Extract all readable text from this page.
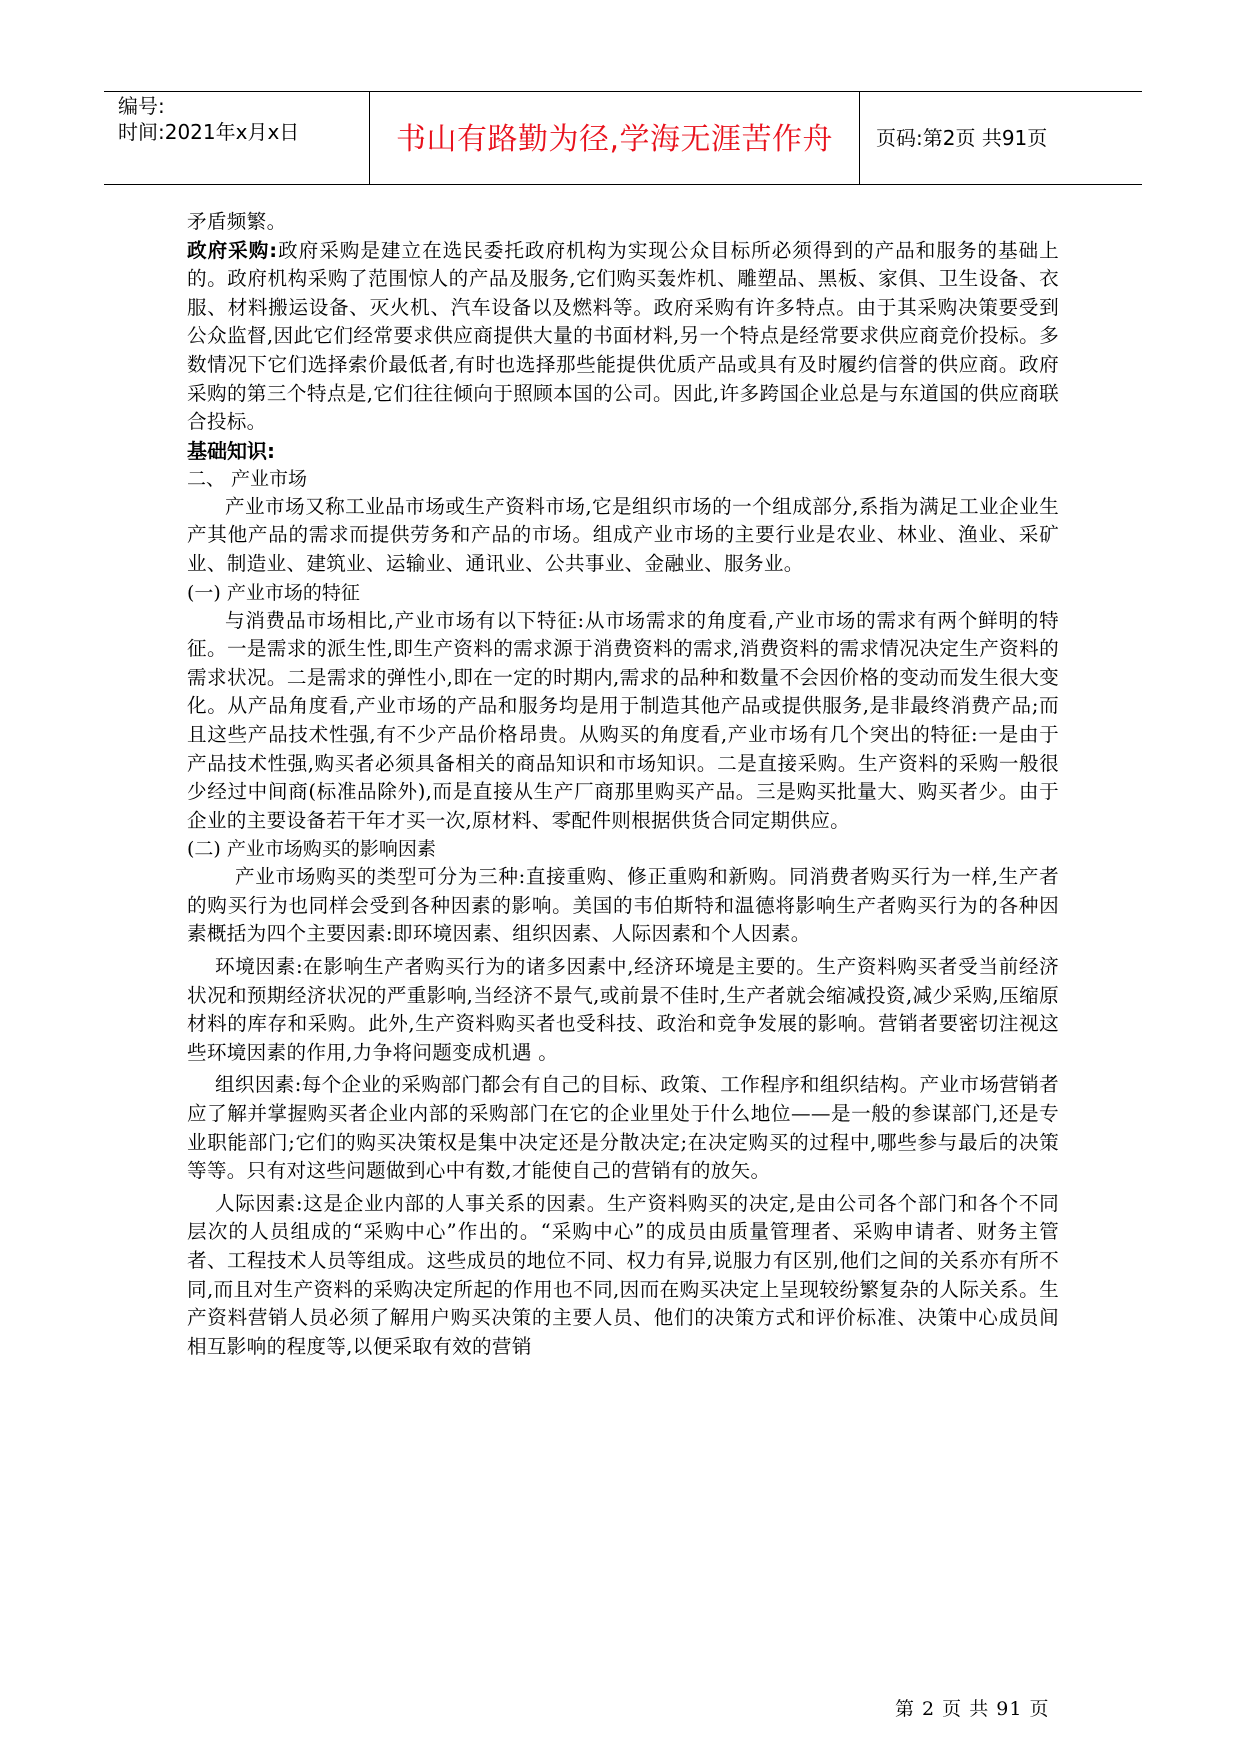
编号:
时间:2021年x月x日	书山有路勤为径,学海无涯苦作舟	页码:第2页 共91页

矛盾频繁。

政府采购:政府采购是建立在选民委托政府机构为实现公众目标所必须得到的产品和服务的基础上的。政府机构采购了范围惊人的产品及服务,它们购买轰炸机、雕塑品、黑板、家俱、卫生设备、衣服、材料搬运设备、灭火机、汽车设备以及燃料等。政府采购有许多特点。由于其采购决策要受到公众监督,因此它们经常要求供应商提供大量的书面材料,另一个特点是经常要求供应商竞价投标。多数情况下它们选择索价最低者,有时也选择那些能提供优质产品或具有及时履约信誉的供应商。政府采购的第三个特点是,它们往往倾向于照顾本国的公司。因此,许多跨国企业总是与东道国的供应商联合投标。

基础知识:

二、 产业市场

产业市场又称工业品市场或生产资料市场,它是组织市场的一个组成部分,系指为满足工业企业生产其他产品的需求而提供劳务和产品的市场。组成产业市场的主要行业是农业、林业、渔业、采矿业、制造业、建筑业、运输业、通讯业、公共事业、金融业、服务业。

(一) 产业市场的特征

与消费品市场相比,产业市场有以下特征:从市场需求的角度看,产业市场的需求有两个鲜明的特征。一是需求的派生性,即生产资料的需求源于消费资料的需求,消费资料的需求情况决定生产资料的需求状况。二是需求的弹性小,即在一定的时期内,需求的品种和数量不会因价格的变动而发生很大变化。从产品角度看,产业市场的产品和服务均是用于制造其他产品或提供服务,是非最终消费产品;而且这些产品技术性强,有不少产品价格昂贵。从购买的角度看,产业市场有几个突出的特征:一是由于产品技术性强,购买者必须具备相关的商品知识和市场知识。二是直接采购。生产资料的采购一般很少经过中间商(标准品除外),而是直接从生产厂商那里购买产品。三是购买批量大、购买者少。由于企业的主要设备若干年才买一次,原材料、零配件则根据供货合同定期供应。

(二) 产业市场购买的影响因素

产业市场购买的类型可分为三种:直接重购、修正重购和新购。同消费者购买行为一样,生产者的购买行为也同样会受到各种因素的影响。美国的韦伯斯特和温德将影响生产者购买行为的各种因素概括为四个主要因素:即环境因素、组织因素、人际因素和个人因素。

环境因素:在影响生产者购买行为的诸多因素中,经济环境是主要的。生产资料购买者受当前经济状况和预期经济状况的严重影响,当经济不景气,或前景不佳时,生产者就会缩减投资,减少采购,压缩原材料的库存和采购。此外,生产资料购买者也受科技、政治和竞争发展的影响。营销者要密切注视这些环境因素的作用,力争将问题变成机遇 。

组织因素:每个企业的采购部门都会有自己的目标、政策、工作程序和组织结构。产业市场营销者应了解并掌握购买者企业内部的采购部门在它的企业里处于什么地位——是一般的参谋部门,还是专业职能部门;它们的购买决策权是集中决定还是分散决定;在决定购买的过程中,哪些参与最后的决策等等。只有对这些问题做到心中有数,才能使自己的营销有的放矢。

人际因素:这是企业内部的人事关系的因素。生产资料购买的决定,是由公司各个部门和各个不同层次的人员组成的“采购中心”作出的。“采购中心”的成员由质量管理者、采购申请者、财务主管者、工程技术人员等组成。这些成员的地位不同、权力有异,说服力有区别,他们之间的关系亦有所不同,而且对生产资料的采购决定所起的作用也不同,因而在购买决定上呈现较纷繁复杂的人际关系。生产资料营销人员必须了解用户购买决策的主要人员、他们的决策方式和评价标准、决策中心成员间相互影响的程度等,以便采取有效的营销

第 2 页 共 91 页
